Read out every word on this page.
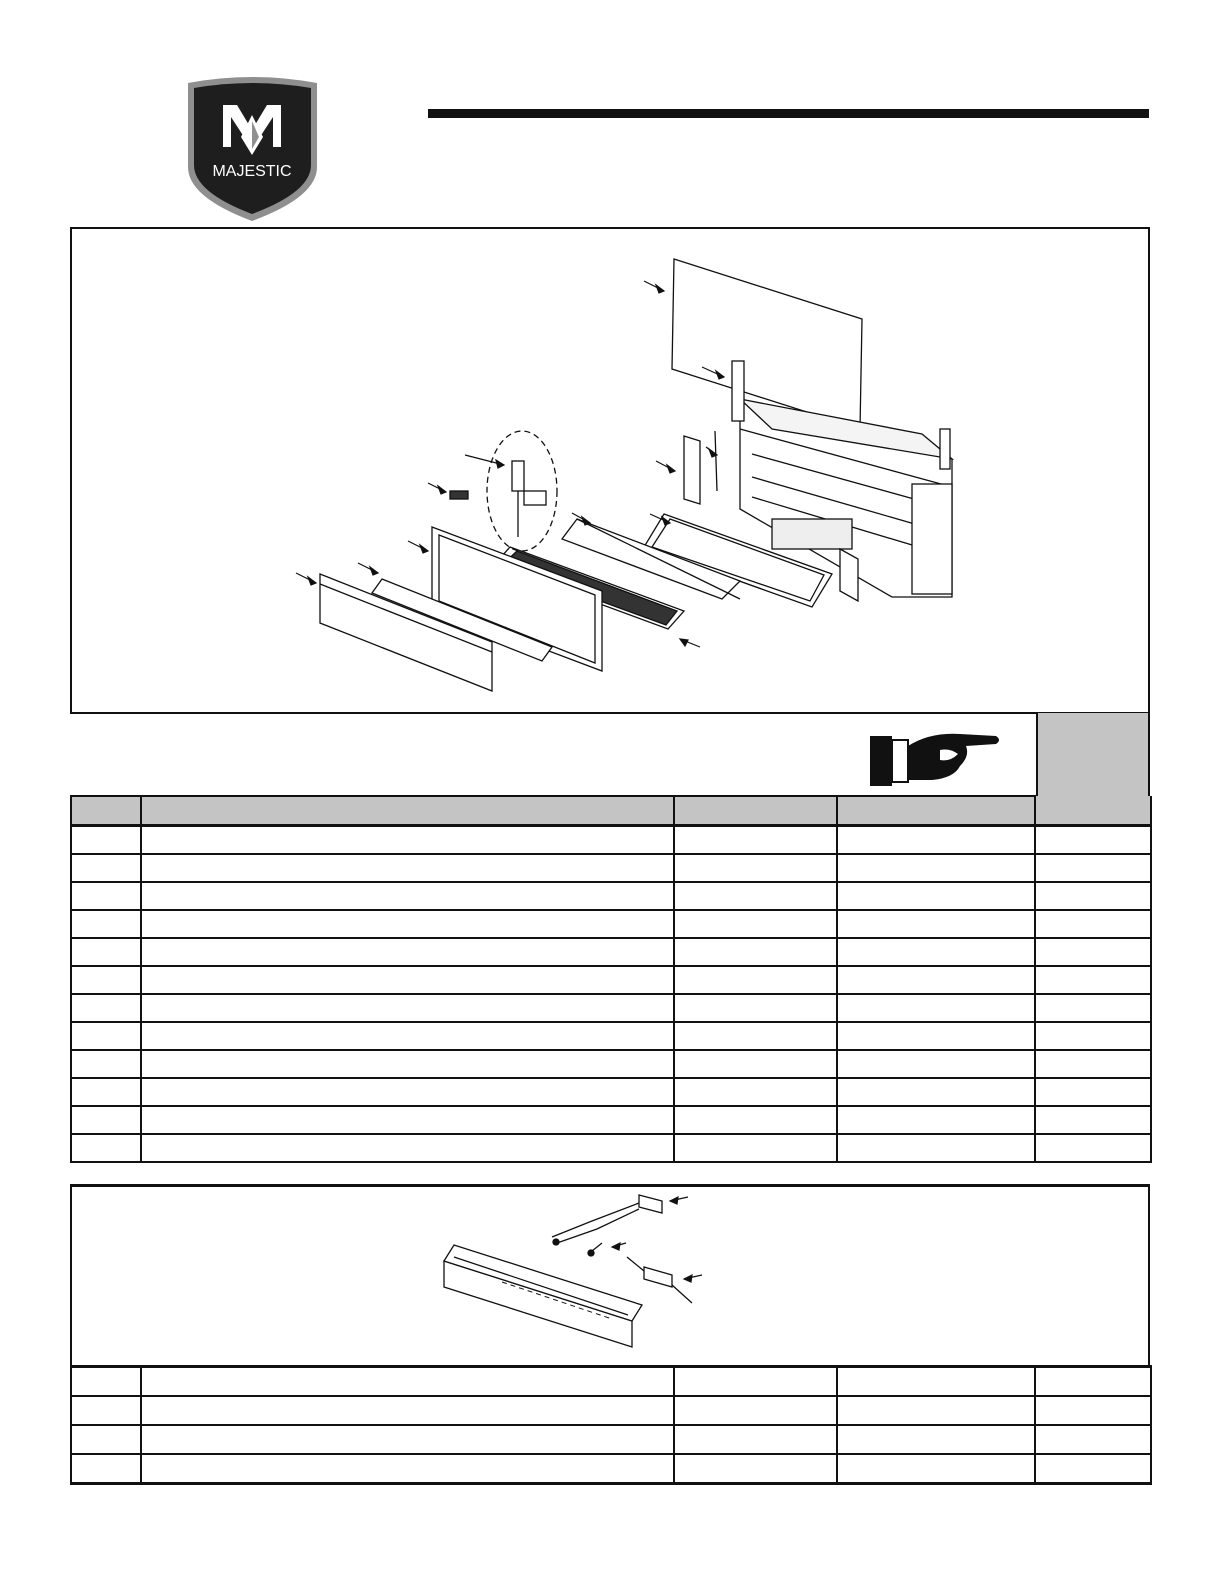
MAJESTIC
